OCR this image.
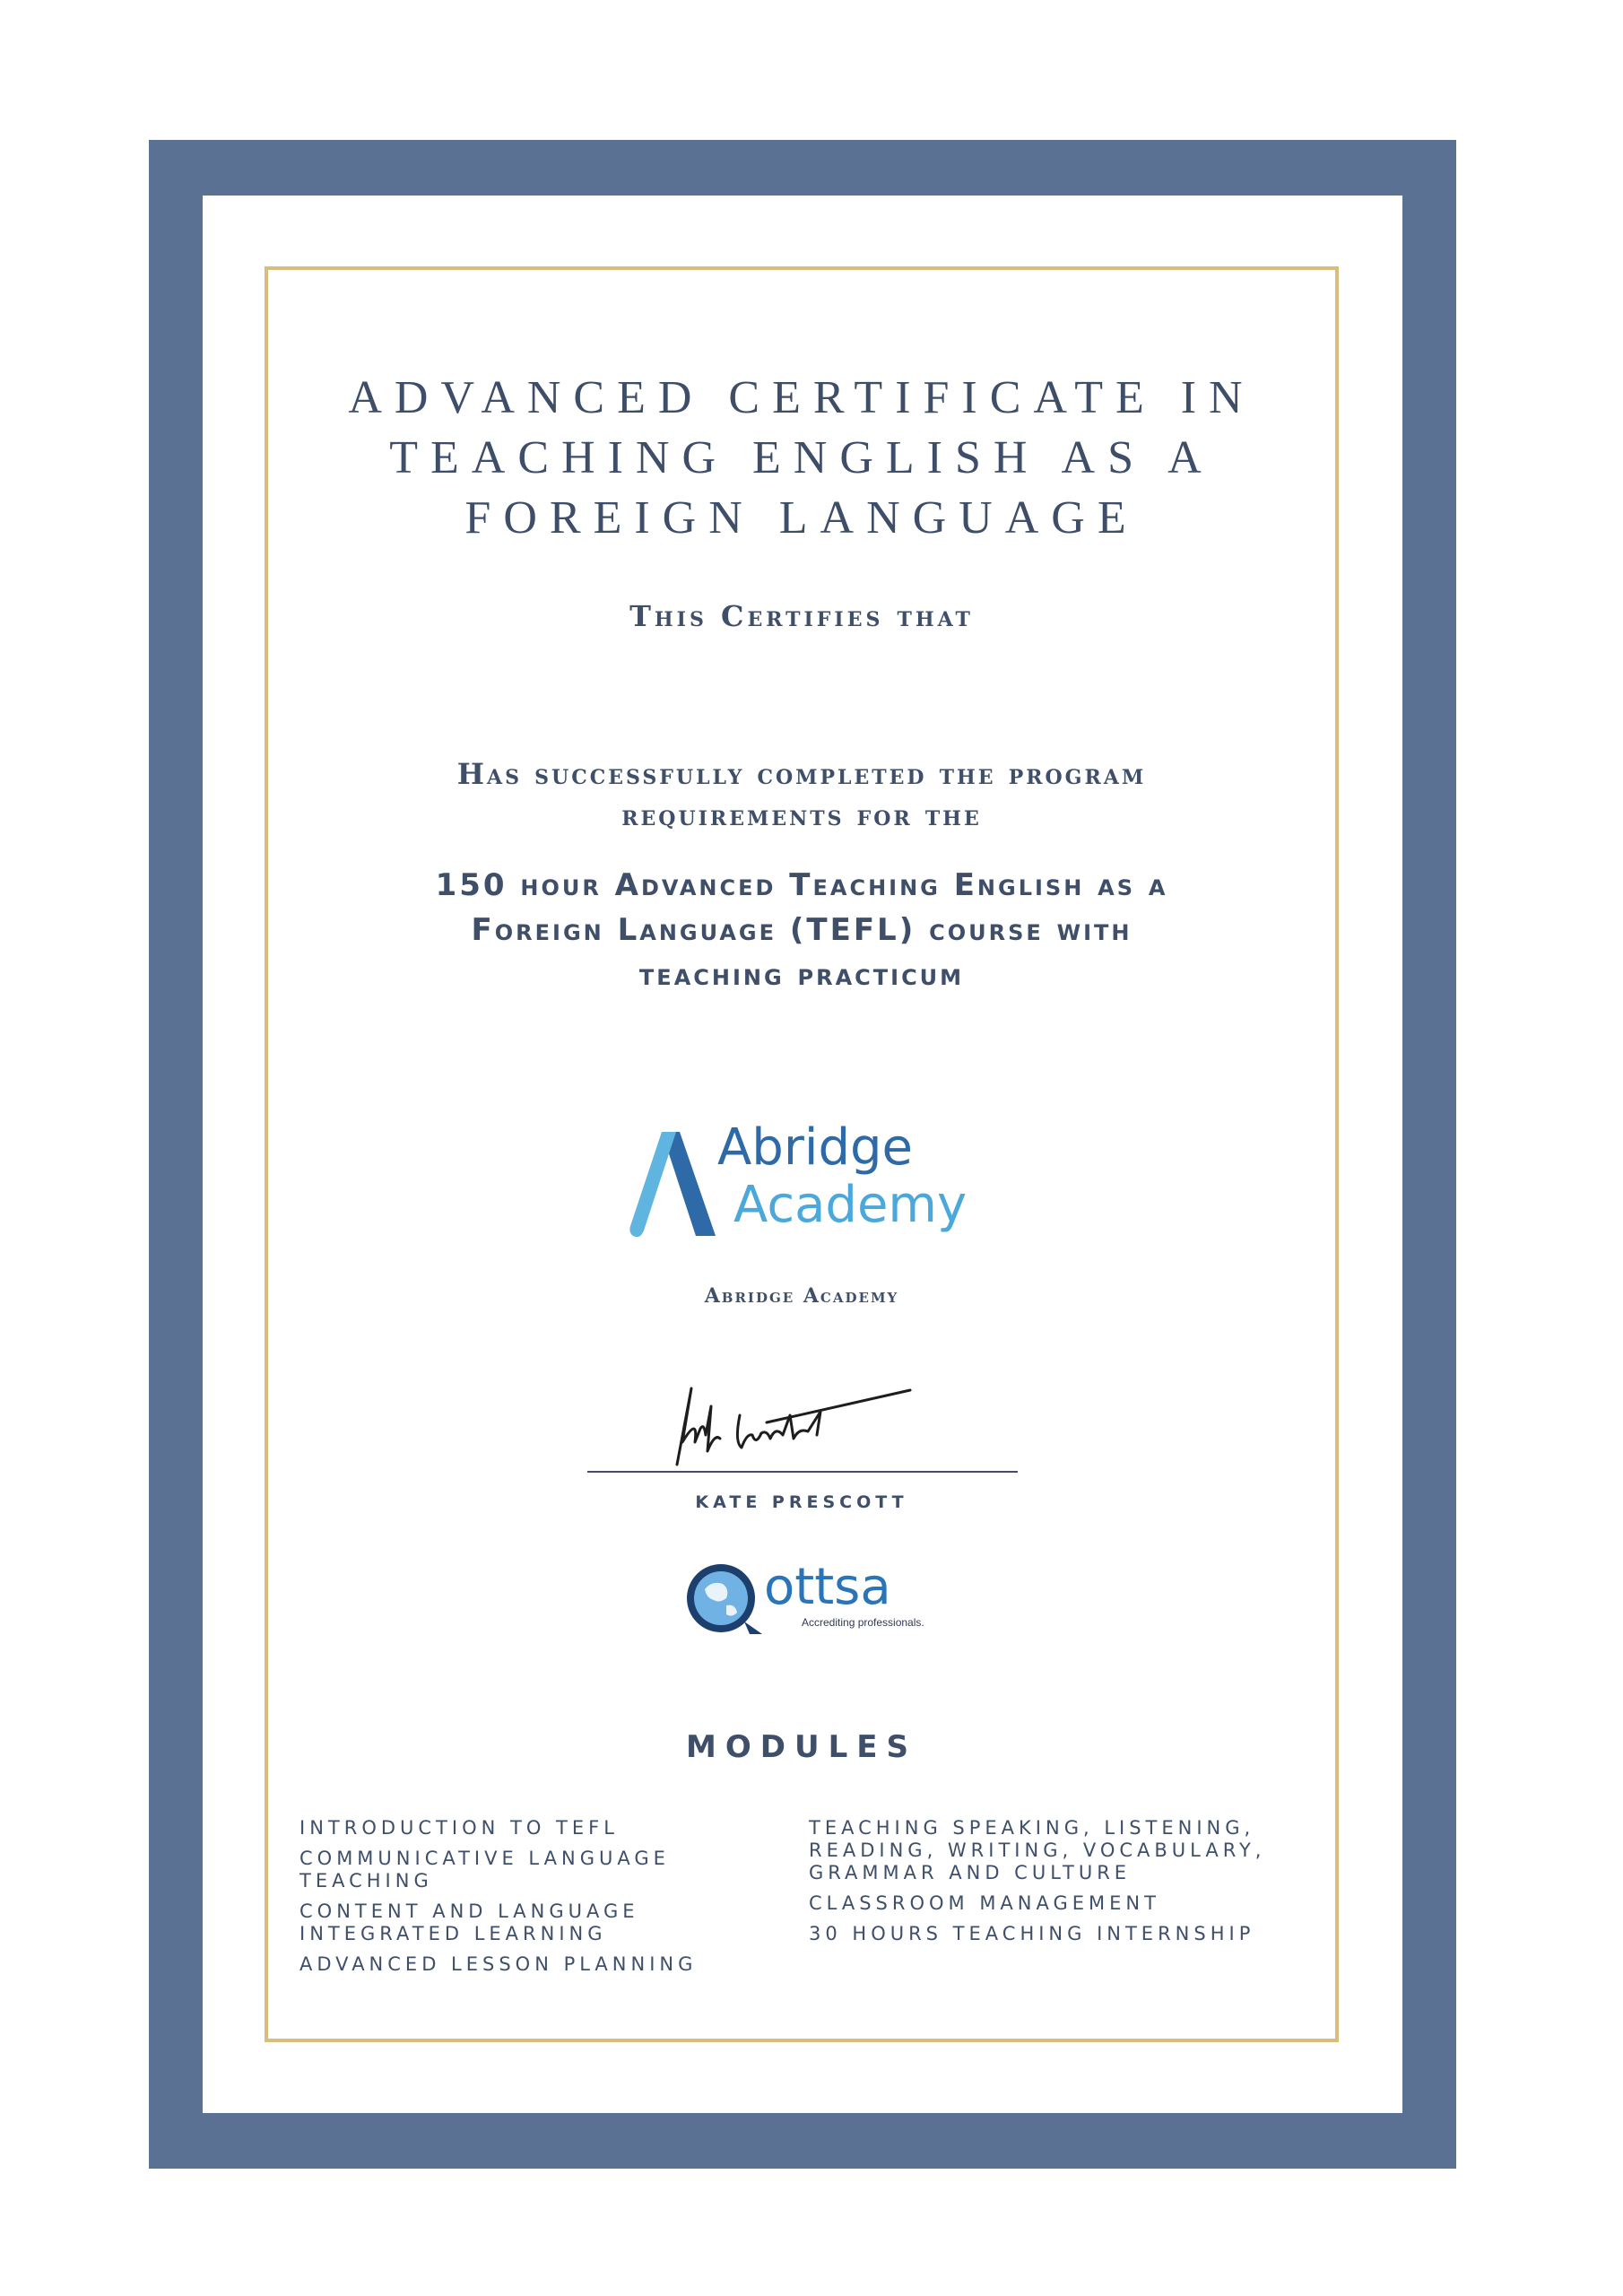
ADVANCED CERTIFICATE IN
TEACHING ENGLISH AS A
FOREIGN LANGUAGE
This Certifies that
Has successfully completed the program
requirements for the
150 hour Advanced Teaching English as a
Foreign Language (TEFL) course with
teaching practicum
Abridge
Academy
Abridge Academy
KATE PRESCOTT
ottsa
Accrediting professionals.
MODULES
INTRODUCTION TO TEFL
COMMUNICATIVE LANGUAGE TEACHING
CONTENT AND LANGUAGE INTEGRATED LEARNING
ADVANCED LESSON PLANNING
TEACHING SPEAKING, LISTENING, READING, WRITING, VOCABULARY, GRAMMAR AND CULTURE
CLASSROOM MANAGEMENT
30 HOURS TEACHING INTERNSHIP
